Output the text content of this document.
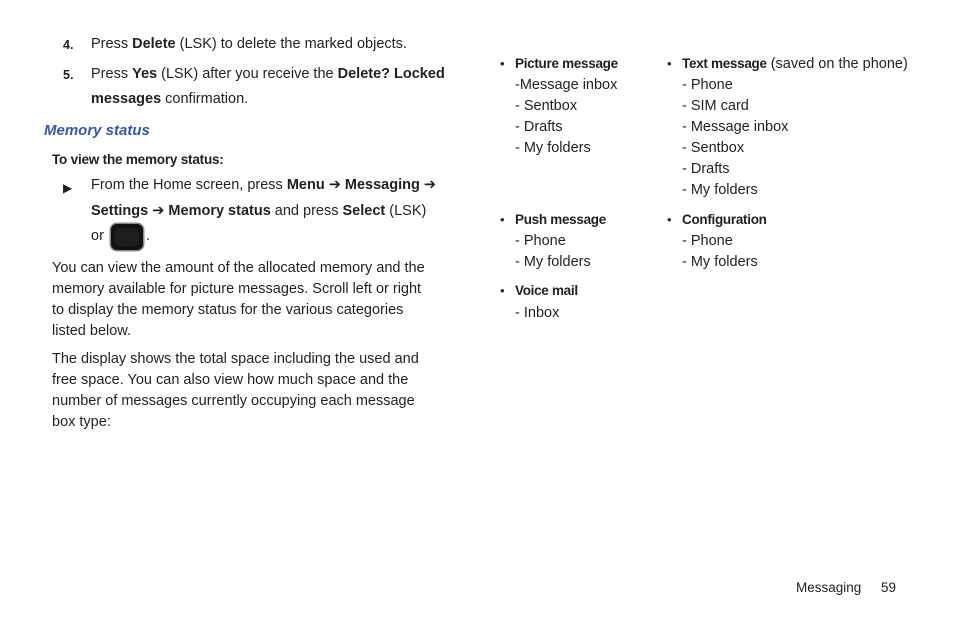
4. Press Delete (LSK) to delete the marked objects.
5. Press Yes (LSK) after you receive the Delete? Locked
messages confirmation.
Memory status
To view the memory status:
▶ From the Home screen, press Menu ➔ Messaging ➔
Settings ➔ Memory status and press Select (LSK)
or	.
You can view the amount of the allocated memory and the memory available for picture messages. Scroll left or right to display the memory status for the various categories listed below.
The display shows the total space including the used and free space. You can also view how much space and the number of messages currently occupying each message box type:
• Picture message
-Message inbox
- Sentbox
- Drafts
- My folders
• Push message
- Phone
- My folders
• Voice mail
- Inbox
• Text message (saved on the phone)
- Phone
- SIM card
- Message inbox
- Sentbox
- Drafts
- My folders
• Configuration
- Phone
- My folders
Messaging 59
